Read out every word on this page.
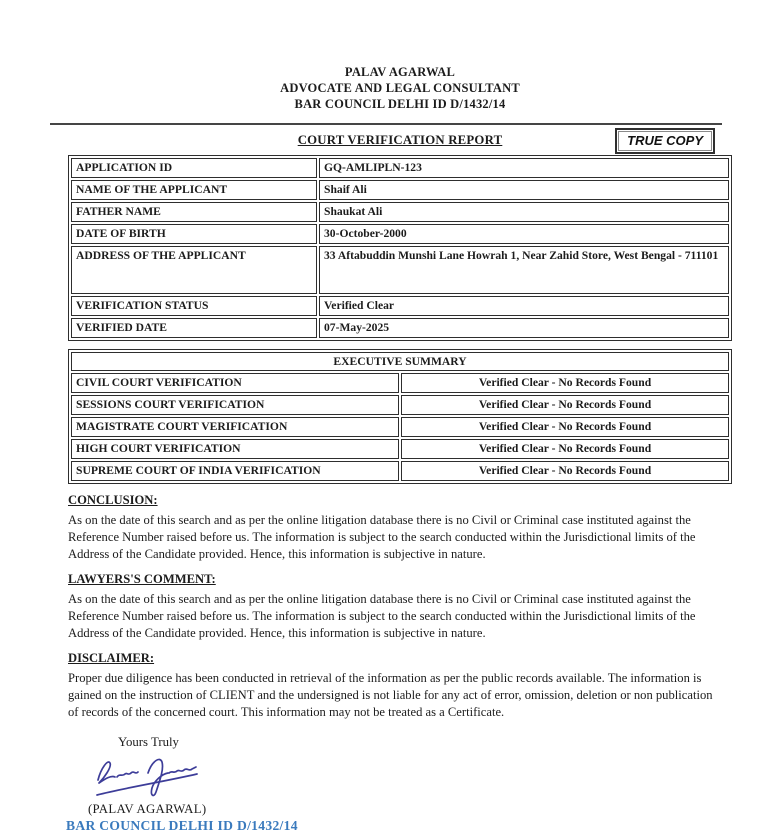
PALAV AGARWAL
ADVOCATE AND LEGAL CONSULTANT
BAR COUNCIL DELHI ID D/1432/14
TRUE COPY
COURT VERIFICATION REPORT
APPLICATION ID	GQ-AMLIPLN-123
NAME OF THE APPLICANT	Shaif Ali
FATHER NAME	Shaukat Ali
DATE OF BIRTH	30-October-2000
ADDRESS OF THE APPLICANT	33 Aftabuddin Munshi Lane Howrah 1, Near Zahid Store, West Bengal - 711101
VERIFICATION STATUS	Verified Clear
VERIFIED DATE	07-May-2025
EXECUTIVE SUMMARY	
CIVIL COURT VERIFICATION	Verified Clear - No Records Found
SESSIONS COURT VERIFICATION	Verified Clear - No Records Found
MAGISTRATE COURT VERIFICATION	Verified Clear - No Records Found
HIGH COURT VERIFICATION	Verified Clear - No Records Found
SUPREME COURT OF INDIA VERIFICATION	Verified Clear - No Records Found
CONCLUSION:
As on the date of this search and as per the online litigation database there is no Civil or Criminal case instituted against the Reference Number raised before us. The information is subject to the search conducted within the Jurisdictional limits of the Address of the Candidate provided. Hence, this information is subjective in nature.
LAWYERS'S COMMENT:
As on the date of this search and as per the online litigation database there is no Civil or Criminal case instituted against the Reference Number raised before us. The information is subject to the search conducted within the Jurisdictional limits of the Address of the Candidate provided. Hence, this information is subjective in nature.
DISCLAIMER:
Proper due diligence has been conducted in retrieval of the information as per the public records available. The information is gained on the instruction of CLIENT and the undersigned is not liable for any act of error, omission, deletion or non publication of records of the concerned court. This information may not be treated as a Certificate.
Yours Truly
(PALAV AGARWAL)
BAR COUNCIL DELHI ID D/1432/14
